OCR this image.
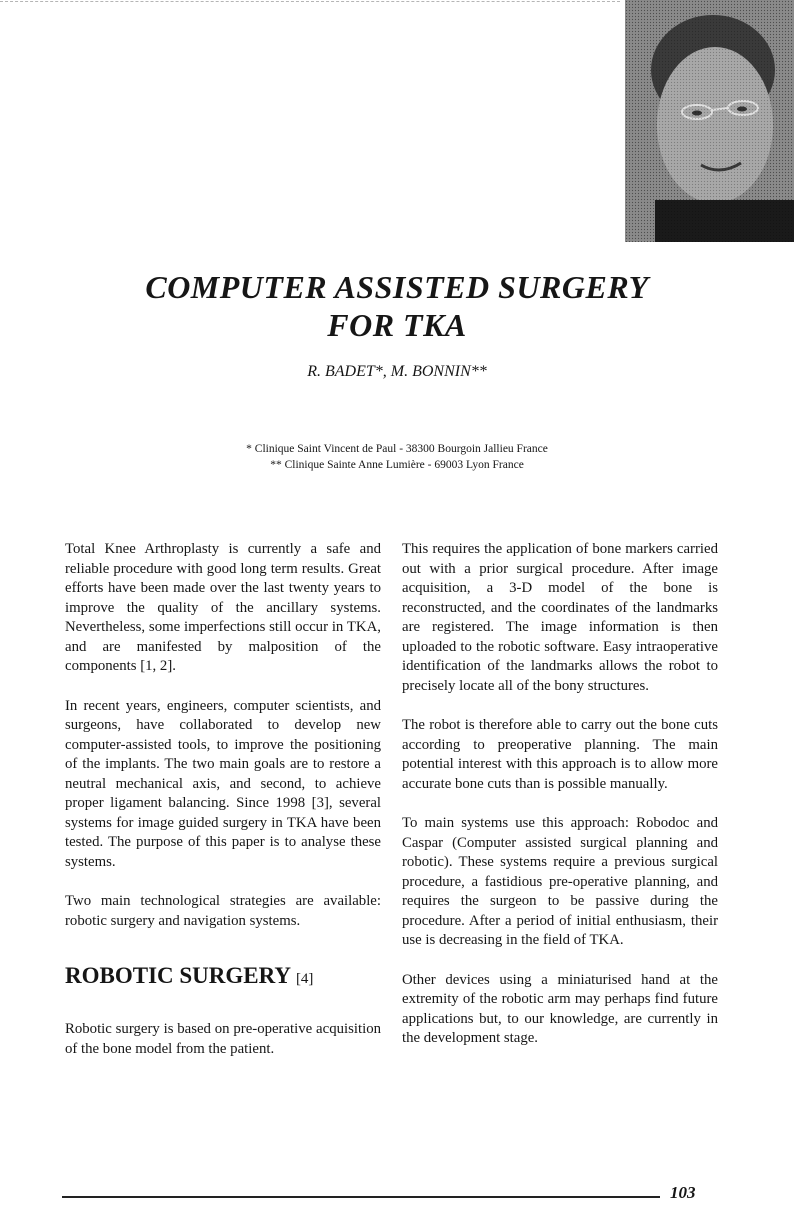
COMPUTER ASSISTED SURGERY
FOR TKA
R. BADET*, M. BONNIN**
* Clinique Saint Vincent de Paul - 38300 Bourgoin Jallieu France
** Clinique Sainte Anne Lumière - 69003 Lyon France

Total Knee Arthroplasty is currently a safe and reliable procedure with good long term results. Great efforts have been made over the last twenty years to improve the quality of the ancillary systems. Nevertheless, some imperfections still occur in TKA, and are manifested by malposition of the components [1, 2].

In recent years, engineers, computer scientists, and surgeons, have collaborated to develop new computer-assisted tools, to improve the positioning of the implants. The two main goals are to restore a neutral mechanical axis, and second, to achieve proper ligament balancing. Since 1998 [3], several systems for image guided surgery in TKA have been tested. The purpose of this paper is to analyse these systems.

Two main technological strategies are available: robotic surgery and navigation systems.

ROBOTIC SURGERY [4]

Robotic surgery is based on pre-operative acquisition of the bone model from the patient.

This requires the application of bone markers carried out with a prior surgical procedure. After image acquisition, a 3-D model of the bone is reconstructed, and the coordinates of the landmarks are registered. The image information is then uploaded to the robotic software. Easy intraoperative identification of the landmarks allows the robot to precisely locate all of the bony structures.

The robot is therefore able to carry out the bone cuts according to preoperative planning. The main potential interest with this approach is to allow more accurate bone cuts than is possible manually.

To main systems use this approach: Robodoc and Caspar (Computer assisted surgical planning and robotic). These systems require a previous surgical procedure, a fastidious pre-operative planning, and requires the surgeon to be passive during the procedure. After a period of initial enthusiasm, their use is decreasing in the field of TKA.

Other devices using a miniaturised hand at the extremity of the robotic arm may perhaps find future applications but, to our knowledge, are currently in the development stage.

103
